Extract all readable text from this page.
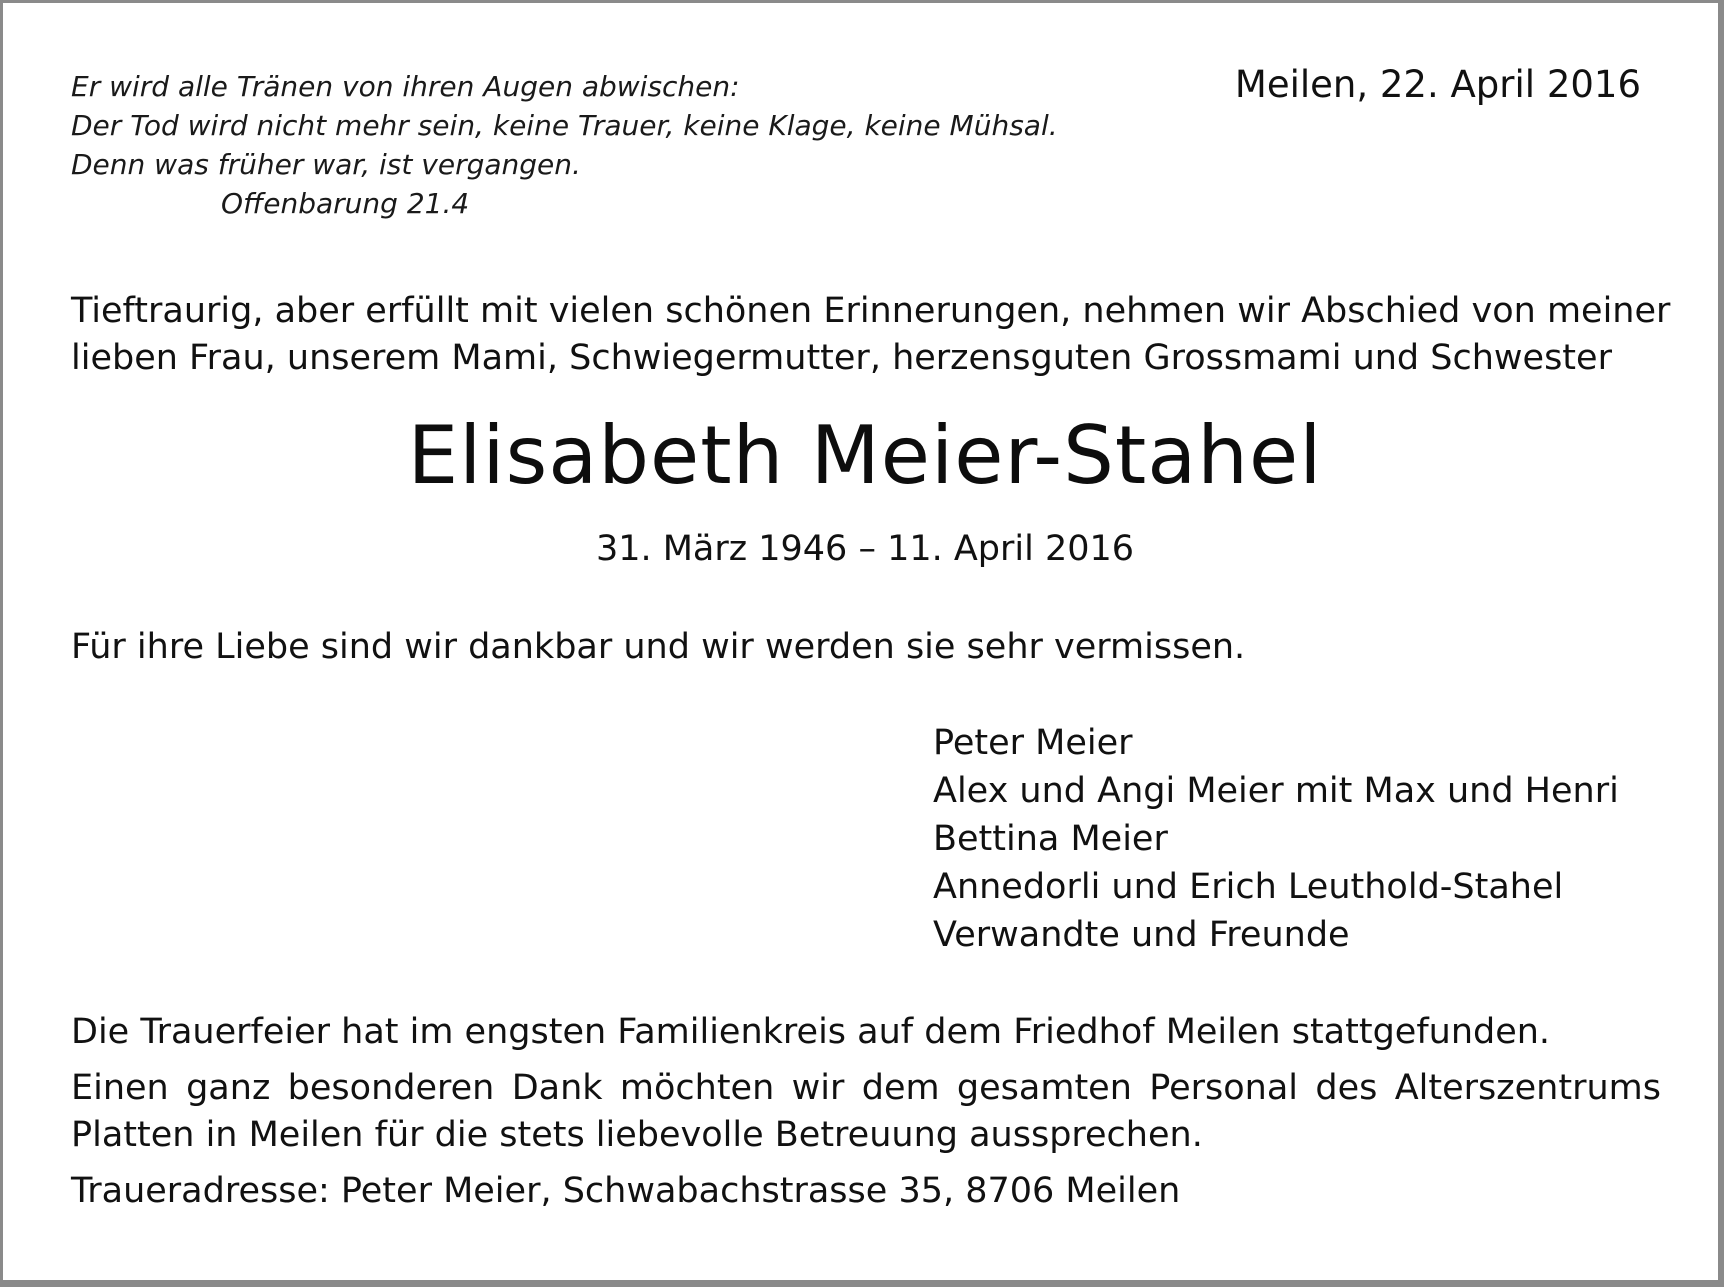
Er wird alle Tränen von ihren Augen abwischen:
Der Tod wird nicht mehr sein, keine Trauer, keine Klage, keine Mühsal.
Denn was früher war, ist vergangen.
Offenbarung 21.4
Meilen, 22. April 2016
Tieftraurig, aber erfüllt mit vielen schönen Erinnerungen, nehmen wir Abschied von meiner
lieben Frau, unserem Mami, Schwiegermutter, herzensguten Grossmami und Schwester
Elisabeth Meier-Stahel
31. März 1946 – 11. April 2016
Für ihre Liebe sind wir dankbar und wir werden sie sehr vermissen.
Peter Meier
Alex und Angi Meier mit Max und Henri
Bettina Meier
Annedorli und Erich Leuthold-Stahel
Verwandte und Freunde

Die Trauerfeier hat im engsten Familienkreis auf dem Friedhof Meilen stattgefunden.

Einen ganz besonderen Dank möchten wir dem gesamten Personal des Alterszentrums
Platten in Meilen für die stets liebevolle Betreuung aussprechen.

Traueradresse: Peter Meier, Schwabachstrasse 35, 8706 Meilen
